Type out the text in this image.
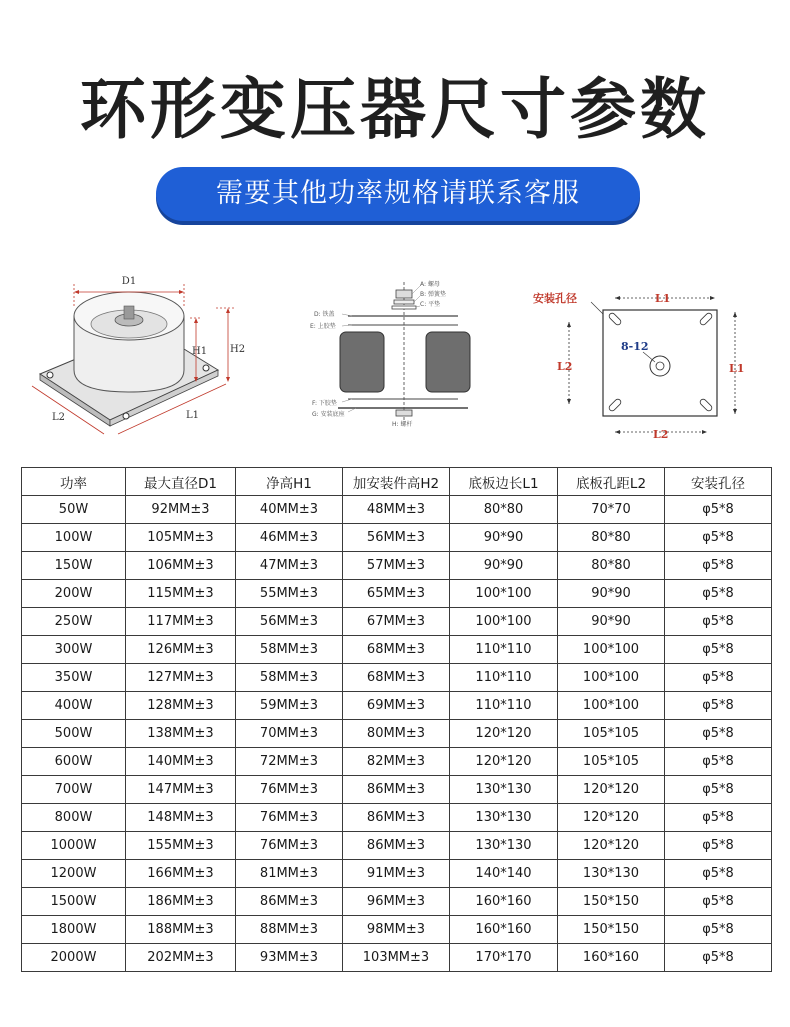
环形变压器尺寸参数
需要其他功率规格请联系客服
D1
H1 H2
L2	L1
A: 螺母
B: 弹簧垫
C: 平垫
D: 铁盖
E: 上胶垫
F: 下胶垫
G: 安装底座
H: 螺杆
安装孔径
8-12
L1
L1
L2
L2
功率	最大直径D1	净高H1	加安装件高H2	底板边长L1	底板孔距L2	安装孔径
50W	92MM±3	40MM±3	48MM±3	80*80	70*70	φ5*8
100W	105MM±3	46MM±3	56MM±3	90*90	80*80	φ5*8
150W	106MM±3	47MM±3	57MM±3	90*90	80*80	φ5*8
200W	115MM±3	55MM±3	65MM±3	100*100	90*90	φ5*8
250W	117MM±3	56MM±3	67MM±3	100*100	90*90	φ5*8
300W	126MM±3	58MM±3	68MM±3	110*110	100*100	φ5*8
350W	127MM±3	58MM±3	68MM±3	110*110	100*100	φ5*8
400W	128MM±3	59MM±3	69MM±3	110*110	100*100	φ5*8
500W	138MM±3	70MM±3	80MM±3	120*120	105*105	φ5*8
600W	140MM±3	72MM±3	82MM±3	120*120	105*105	φ5*8
700W	147MM±3	76MM±3	86MM±3	130*130	120*120	φ5*8
800W	148MM±3	76MM±3	86MM±3	130*130	120*120	φ5*8
1000W	155MM±3	76MM±3	86MM±3	130*130	120*120	φ5*8
1200W	166MM±3	81MM±3	91MM±3	140*140	130*130	φ5*8
1500W	186MM±3	86MM±3	96MM±3	160*160	150*150	φ5*8
1800W	188MM±3	88MM±3	98MM±3	160*160	150*150	φ5*8
2000W	202MM±3	93MM±3	103MM±3	170*170	160*160	φ5*8
